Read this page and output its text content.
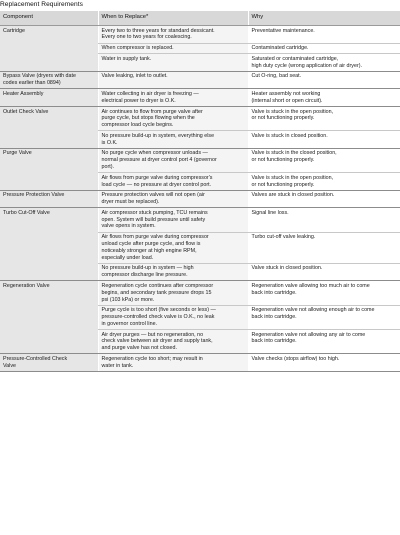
Replacement Requirements
Component	When to Replace*	Why
Cartridge	Every two to three years for standard dessicant.
Every one to two years for coalescing.	Preventative maintenance.
	When compressor is replaced.	Contaminated cartridge.
	Water in supply tank.	Saturated or contaminated cartridge,
high duty cycle (wrong application of air dryer).
Bypass Valve (dryers with date
codes earlier than 0894)	Valve leaking, inlet to outlet.	Cut O-ring, bad seat.
Heater Assembly	Water collecting in air dryer is freezing —
electrical power to dryer is O.K.	Heater assembly not working
(internal short or open circuit).
Outlet Check Valve	Air continues to flow from purge valve after
purge cycle, but stops flowing when the
compressor load cycle begins.	Valve is stuck in the open position,
or not functioning properly.
	No pressure build-up in system, everything else
is O.K.	Valve is stuck in closed position.
Purge Valve	No purge cycle when compressor unloads —
normal pressure at dryer control port 4 (governor
port).	Valve is stuck in the closed position,
or not functioning properly.
	Air flows from purge valve during compressor's
load cycle — no pressure at dryer control port.	Valve is stuck in the open position,
or not functioning properly.
Pressure Protection Valve	Pressure protection valves will not open (air
dryer must be replaced).	Valves are stuck in closed position.
Turbo Cut-Off Valve	Air compressor stuck pumping, TCU remains
open. System will build pressure until safety
valve opens in system.	Signal line loss.
	Air flows from purge valve during compressor
unload cycle after purge cycle, and flow is
noticeably stronger at high engine RPM,
especially under load.	Turbo cut-off valve leaking.
	No pressure build-up in system — high
compressor discharge line pressure.	Valve stuck in closed position.
Regeneration Valve	Regeneration cycle continues after compressor
begins, and secondary tank pressure drops 15
psi (103 kPa) or more.	Regeneration valve allowing too much air to come
back into cartridge.
	Purge cycle is too short (five seconds or less) —
pressure-controlled check valve is O.K., no leak
in governor control line.	Regeneration valve not allowing enough air to come
back into cartridge.
	Air dryer purges — but no regeneration, no
check valve between air dryer and supply tank,
and purge valve has not closed.	Regeneration valve not allowing any air to come
back into cartridge.
Pressure-Controlled Check
Valve	Regeneration cycle too short; may result in
water in tank.	Valve checks (stops airflow) too high.
